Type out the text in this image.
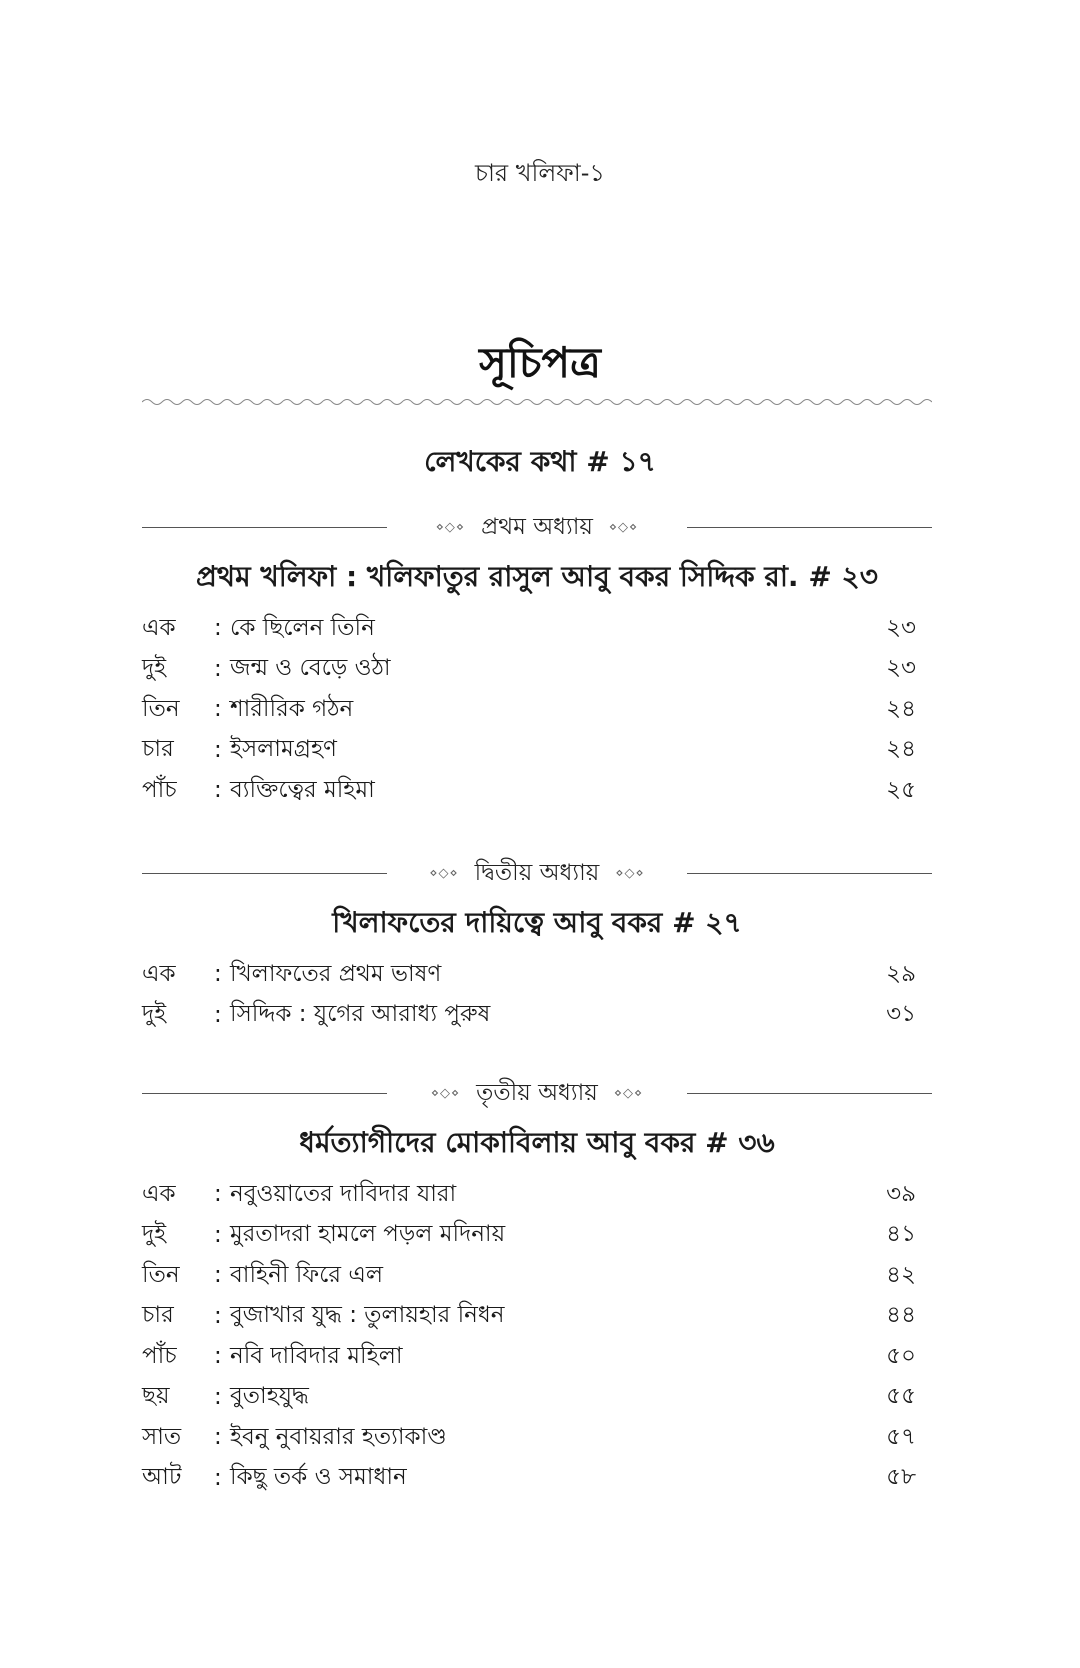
চার খলিফা-১
সূচিপত্র
লেখকের কথা # ১৭
⋄◇⋄ প্রথম অধ্যায়	⋄◇⋄
প্রথম খলিফা : খলিফাতুর রাসুল আবু বকর সিদ্দিক রা. # ২৩
এক	: কে ছিলেন তিনি	২৩
দুই	: জন্ম ও বেড়ে ওঠা	২৩
তিন	: শারীরিক গঠন	২৪
চার	: ইসলামগ্রহণ	২৪
পাঁচ	: ব্যক্তিত্বের মহিমা	২৫
⋄◇⋄ দ্বিতীয় অধ্যায়	⋄◇⋄
খিলাফতের দায়িত্বে আবু বকর # ২৭
এক	: খিলাফতের প্রথম ভাষণ	২৯
দুই	: সিদ্দিক : যুগের আরাধ্য পুরুষ	৩১
⋄◇⋄ তৃতীয় অধ্যায়	⋄◇⋄
ধর্মত্যাগীদের মোকাবিলায় আবু বকর # ৩৬
এক	: নবুওয়াতের দাবিদার যারা	৩৯
দুই	: মুরতাদরা হামলে পড়ল মদিনায়	৪১
তিন	: বাহিনী ফিরে এল	৪২
চার	: বুজাখার যুদ্ধ : তুলায়হার নিধন	৪৪
পাঁচ	: নবি দাবিদার মহিলা	৫০
ছয়	: বুতাহযুদ্ধ	৫৫
সাত	: ইবনু নুবায়রার হত্যাকাণ্ড	৫৭
আট	: কিছু তর্ক ও সমাধান	৫৮
